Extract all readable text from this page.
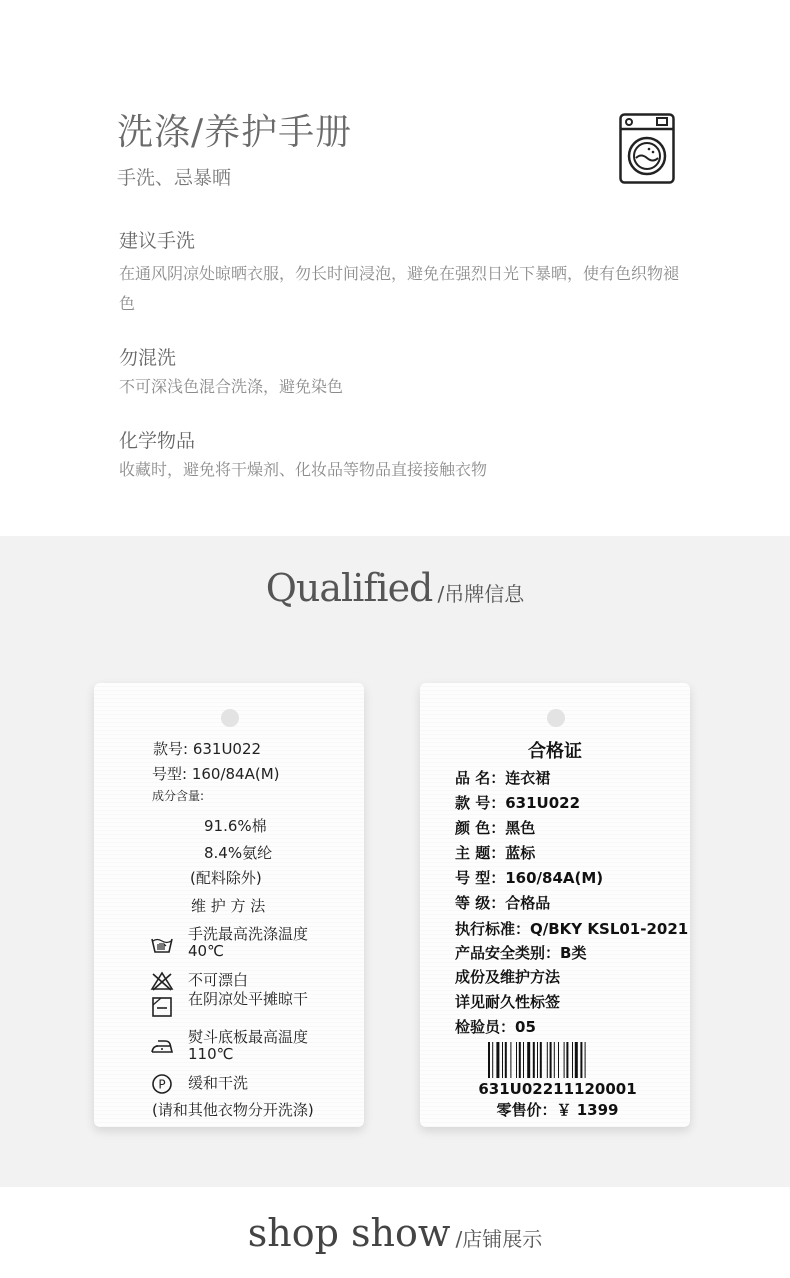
洗涤/养护手册
手洗、忌暴晒
建议手洗
在通风阴凉处晾晒衣服，勿长时间浸泡，避免在强烈日光下暴晒，使有色织物褪色
勿混洗
不可深浅色混合洗涤，避免染色
化学物品
收藏时，避免将干燥剂、化妆品等物品直接接触衣物
Qualified /吊牌信息
款号: 631U022
号型: 160/84A(M)
成分含量:
91.6%棉
8.4%氨纶
(配料除外)
维 护 方 法
手洗最高洗涤温度40℃
不可漂白
在阴凉处平摊晾干
熨斗底板最高温度110℃
P 缓和干洗
(请和其他衣物分开洗涤)
合格证
品 名：连衣裙
款 号：631U022
颜 色：黑色
主 题：蓝标
号 型：160/84A(M)
等 级：合格品
执行标准：Q/BKY KSL01-2021
产品安全类别：B类
成份及维护方法
详见耐久性标签
检验员：05
631U02211120001
零售价：￥ 1399
shop show /店铺展示
